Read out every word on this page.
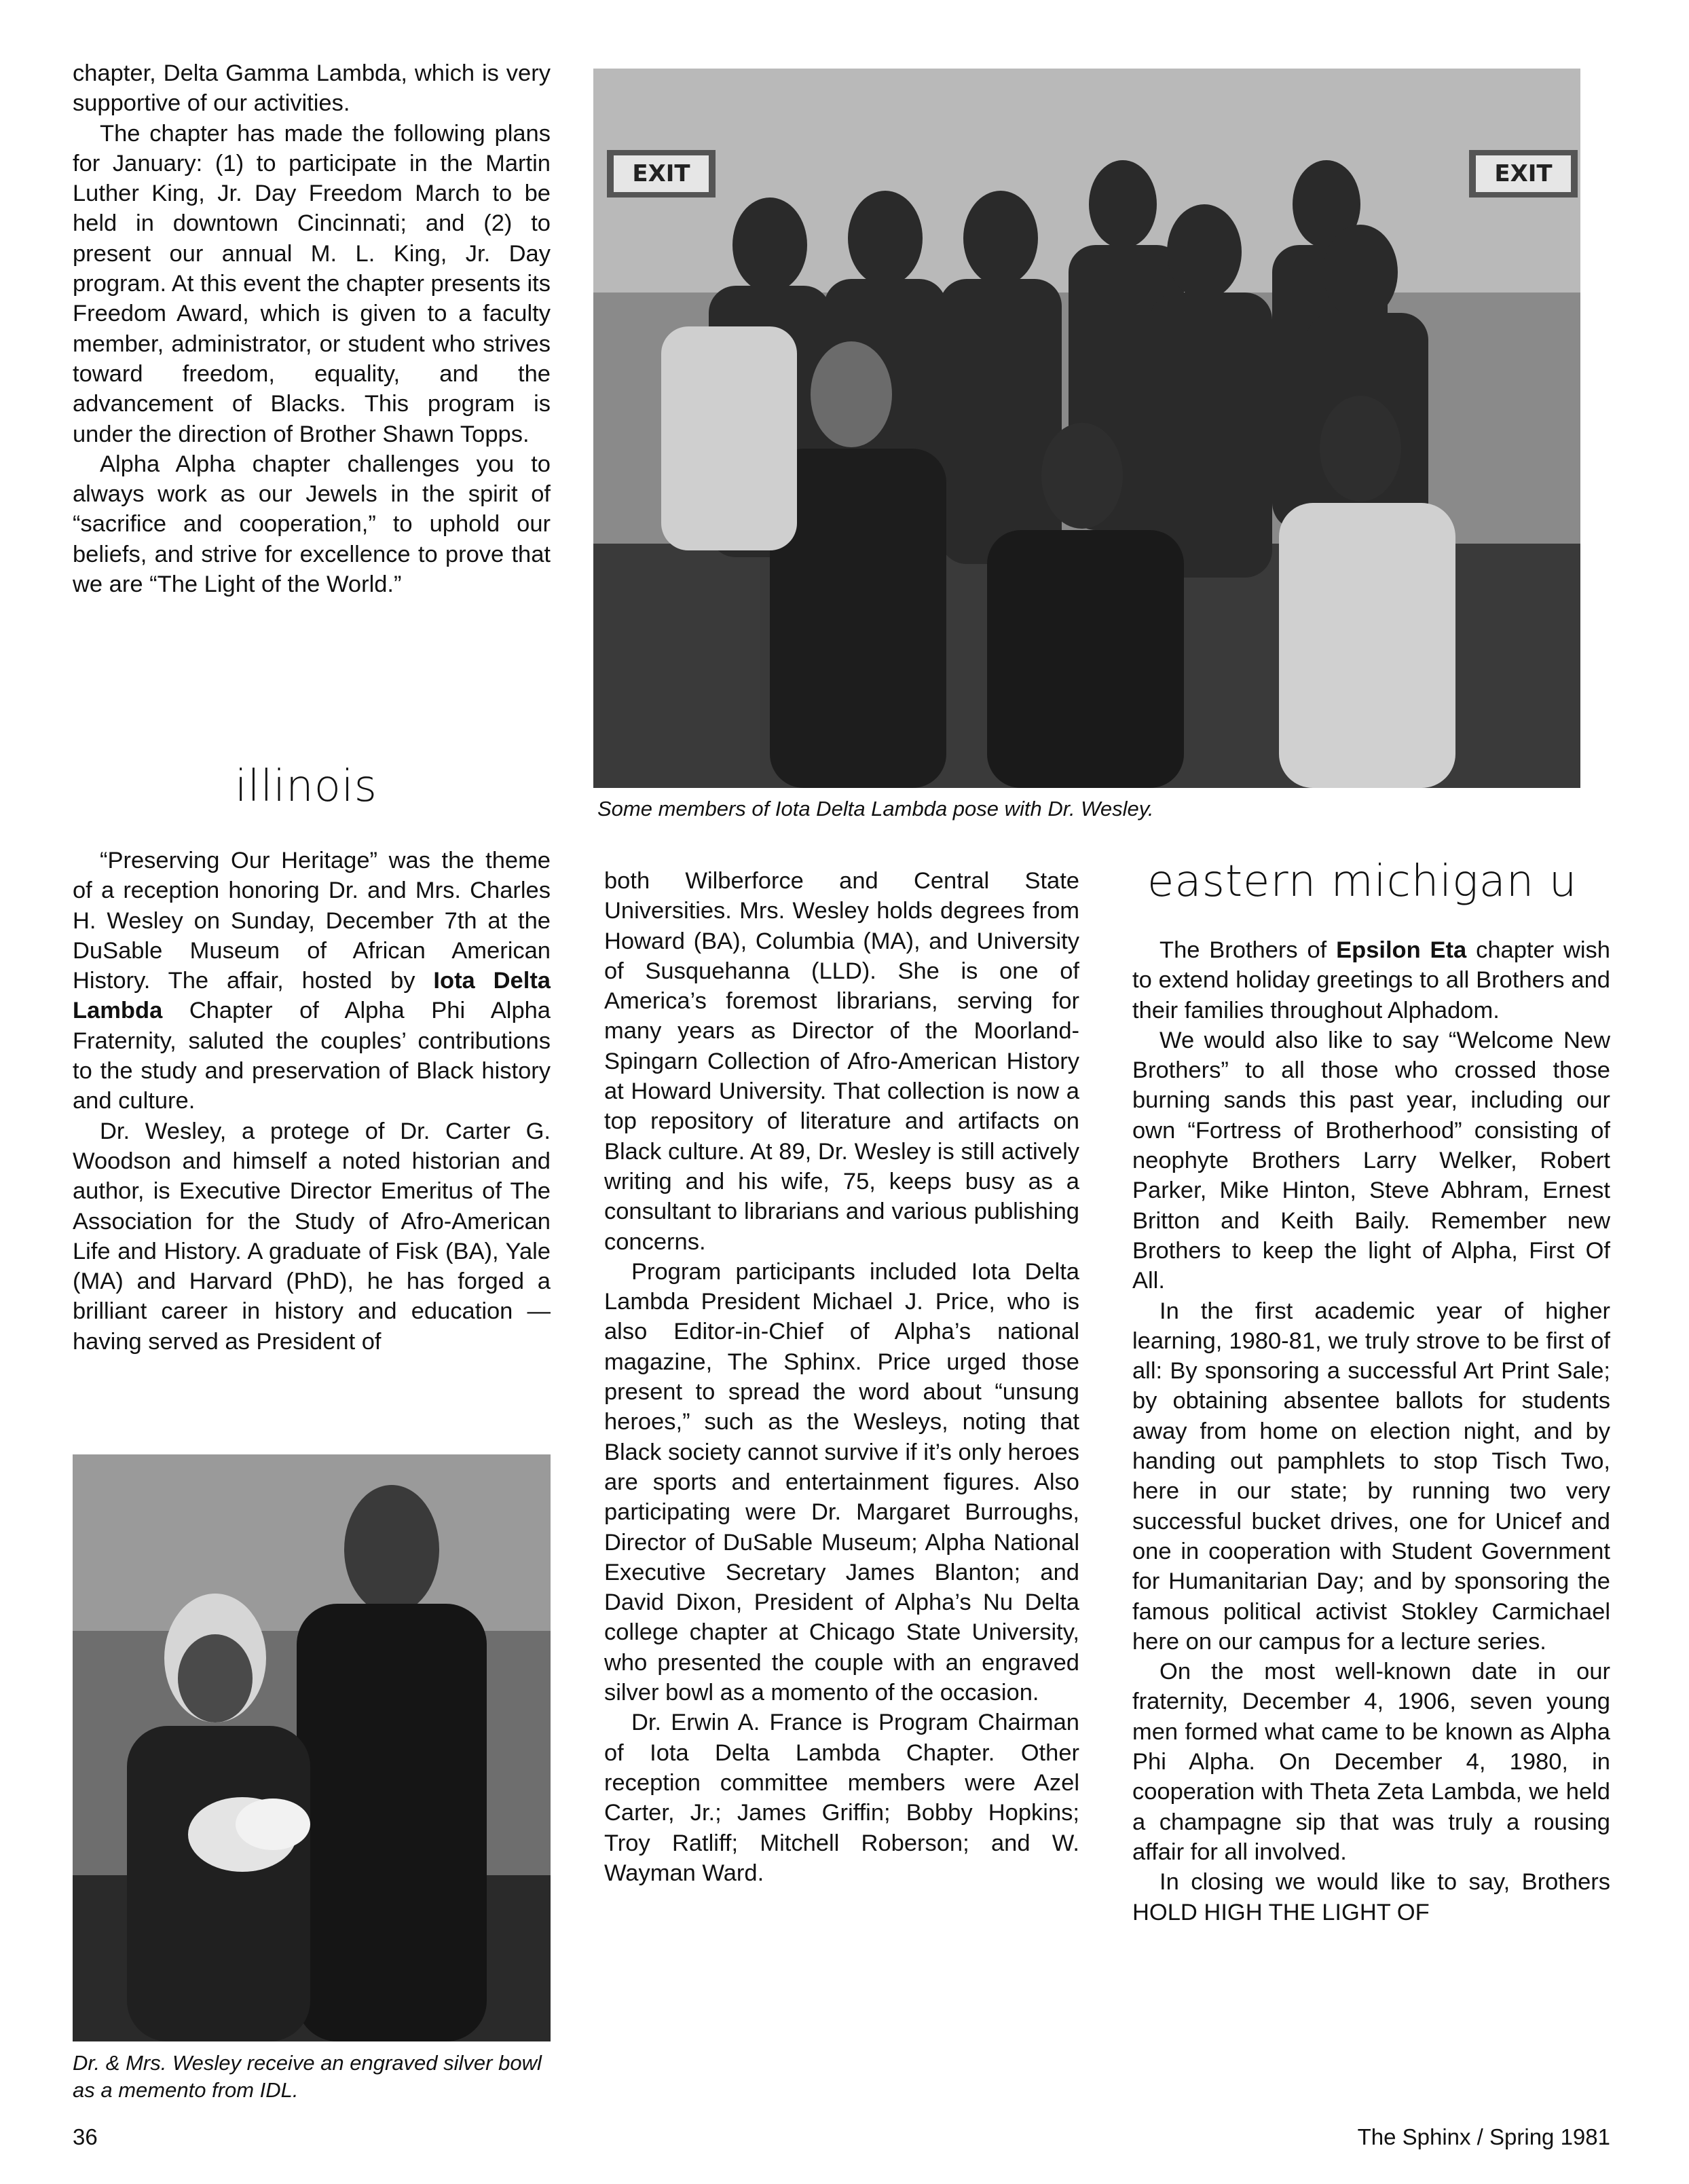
chapter, Delta Gamma Lambda, which is very supportive of our activities.

The chapter has made the following plans for January: (1) to participate in the Martin Luther King, Jr. Day Freedom March to be held in downtown Cincinnati; and (2) to present our annual M. L. King, Jr. Day program. At this event the chapter presents its Freedom Award, which is given to a faculty member, administrator, or student who strives toward freedom, equality, and the advancement of Blacks. This program is under the direction of Brother Shawn Topps.

Alpha Alpha chapter challenges you to always work as our Jewels in the spirit of “sacrifice and cooperation,” to uphold our beliefs, and strive for excellence to prove that we are “The Light of the World.”

EXIT	EXIT
Some members of Iota Delta Lambda pose with Dr. Wesley.
illinois

“Preserving Our Heritage” was the theme of a reception honoring Dr. and Mrs. Charles H. Wesley on Sunday, December 7th at the DuSable Museum of African American History. The affair, hosted by Iota Delta Lambda Chapter of Alpha Phi Alpha Fraternity, saluted the couples’ contributions to the study and preservation of Black history and culture.

Dr. Wesley, a protege of Dr. Carter G. Woodson and himself a noted historian and author, is Executive Director Emeritus of The Association for the Study of Afro-American Life and History. A graduate of Fisk (BA), Yale (MA) and Harvard (PhD), he has forged a brilliant career in history and education — having served as President of

Dr. & Mrs. Wesley receive an engraved silver bowl as a memento from IDL.

both Wilberforce and Central State Universities. Mrs. Wesley holds degrees from Howard (BA), Columbia (MA), and University of Susquehanna (LLD). She is one of America’s foremost librarians, serving for many years as Director of the Moorland-Spingarn Collection of Afro-American History at Howard University. That collection is now a top repository of literature and artifacts on Black culture. At 89, Dr. Wesley is still actively writing and his wife, 75, keeps busy as a consultant to librarians and various publishing concerns.

Program participants included Iota Delta Lambda President Michael J. Price, who is also Editor-in-Chief of Alpha’s national magazine, The Sphinx. Price urged those present to spread the word about “unsung heroes,” such as the Wesleys, noting that Black society cannot survive if it’s only heroes are sports and entertainment figures. Also participating were Dr. Margaret Burroughs, Director of DuSable Museum; Alpha National Executive Secretary James Blanton; and David Dixon, President of Alpha’s Nu Delta college chapter at Chicago State University, who presented the couple with an engraved silver bowl as a momento of the occasion.

Dr. Erwin A. France is Program Chairman of Iota Delta Lambda Chapter. Other reception committee members were Azel Carter, Jr.; James Griffin; Bobby Hopkins; Troy Ratliff; Mitchell Roberson; and W. Wayman Ward.

eastern michigan u

The Brothers of Epsilon Eta chapter wish to extend holiday greetings to all Brothers and their families throughout Alphadom.

We would also like to say “Welcome New Brothers” to all those who crossed those burning sands this past year, including our own “Fortress of Brotherhood” consisting of neophyte Brothers Larry Welker, Robert Parker, Mike Hinton, Steve Abhram, Ernest Britton and Keith Baily. Remember new Brothers to keep the light of Alpha, First Of All.

In the first academic year of higher learning, 1980-81, we truly strove to be first of all: By sponsoring a successful Art Print Sale; by obtaining absentee ballots for students away from home on election night, and by handing out pamphlets to stop Tisch Two, here in our state; by running two very successful bucket drives, one for Unicef and one in cooperation with Student Government for Humanitarian Day; and by sponsoring the famous political activist Stokley Carmichael here on our campus for a lecture series.

On the most well-known date in our fraternity, December 4, 1906, seven young men formed what came to be known as Alpha Phi Alpha. On December 4, 1980, in cooperation with Theta Zeta Lambda, we held a champagne sip that was truly a rousing affair for all involved.

In closing we would like to say, Brothers HOLD HIGH THE LIGHT OF

36	The Sphinx / Spring 1981
